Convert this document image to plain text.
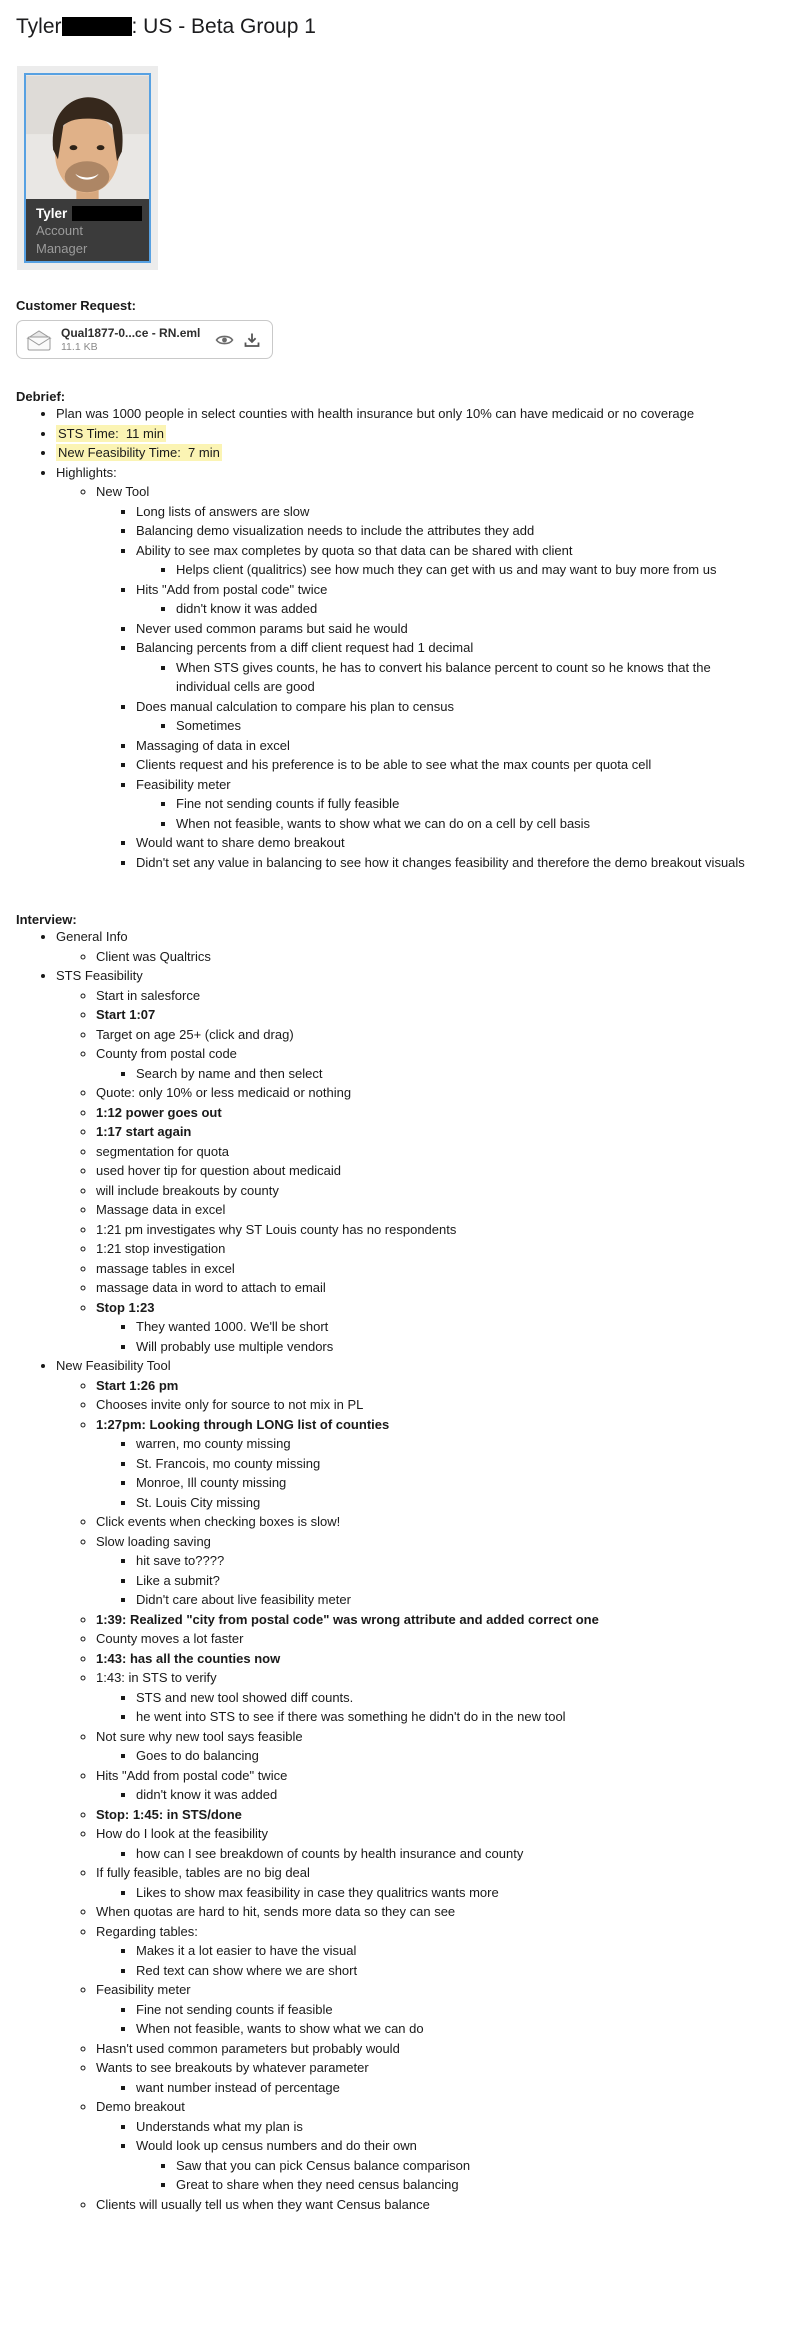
Tyler	: US - Beta Group 1
Tyler
Account
Manager
Customer Request:
Qual1877-0...ce - RN.eml
11.1 KB
Debrief:
• Plan was 1000 people in select counties with health insurance but only 10% can have medicaid or no coverage
• STS Time:  11 min
• New Feasibility Time:  7 min
• Highlights:
◦ New Tool
▪ Long lists of answers are slow
▪ Balancing demo visualization needs to include the attributes they add
▪ Ability to see max completes by quota so that data can be shared with client
▪ Helps client (qualitrics) see how much they can get with us and may want to buy more from us
▪ Hits "Add from postal code" twice
▪ didn't know it was added
▪ Never used common params but said he would
▪ Balancing percents from a diff client request had 1 decimal
▪ When STS gives counts, he has to convert his balance percent to count so he knows that the individual cells are good
▪ Does manual calculation to compare his plan to census
▪ Sometimes
▪ Massaging of data in excel
▪ Clients request and his preference is to be able to see what the max counts per quota cell
▪ Feasibility meter
▪ Fine not sending counts if fully feasible
▪ When not feasible, wants to show what we can do on a cell by cell basis
▪ Would want to share demo breakout
▪ Didn't set any value in balancing to see how it changes feasibility and therefore the demo breakout visuals
Interview:
• General Info
◦ Client was Qualtrics
• STS Feasibility
◦ Start in salesforce
◦ Start 1:07
◦ Target on age 25+ (click and drag)
◦ County from postal code
▪ Search by name and then select
◦ Quote: only 10% or less medicaid or nothing
◦ 1:12 power goes out
◦ 1:17 start again
◦ segmentation for quota
◦ used hover tip for question about medicaid
◦ will include breakouts by county
◦ Massage data in excel
◦ 1:21 pm investigates why ST Louis county has no respondents
◦ 1:21 stop investigation
◦ massage tables in excel
◦ massage data in word to attach to email
◦ Stop 1:23
▪ They wanted 1000. We'll be short
▪ Will probably use multiple vendors
• New Feasibility Tool
◦ Start 1:26 pm
◦ Chooses invite only for source to not mix in PL
◦ 1:27pm: Looking through LONG list of counties
▪ warren, mo county missing
▪ St. Francois, mo county missing
▪ Monroe, Ill county missing
▪ St. Louis City missing
◦ Click events when checking boxes is slow!
◦ Slow loading saving
▪ hit save to????
▪ Like a submit?
▪ Didn't care about live feasibility meter
◦ 1:39: Realized "city from postal code" was wrong attribute and added correct one
◦ County moves a lot faster
◦ 1:43: has all the counties now
◦ 1:43: in STS to verify
▪ STS and new tool showed diff counts.
▪ he went into STS to see if there was something he didn't do in the new tool
◦ Not sure why new tool says feasible
▪ Goes to do balancing
◦ Hits "Add from postal code" twice
▪ didn't know it was added
◦ Stop: 1:45: in STS/done
◦ How do I look at the feasibility
▪ how can I see breakdown of counts by health insurance and county
◦ If fully feasible, tables are no big deal
▪ Likes to show max feasibility in case they qualitrics wants more
◦ When quotas are hard to hit, sends more data so they can see
◦ Regarding tables:
▪ Makes it a lot easier to have the visual
▪ Red text can show where we are short
◦ Feasibility meter
▪ Fine not sending counts if feasible
▪ When not feasible, wants to show what we can do
◦ Hasn't used common parameters but probably would
◦ Wants to see breakouts by whatever parameter
▪ want number instead of percentage
◦ Demo breakout
▪ Understands what my plan is
▪ Would look up census numbers and do their own
▪ Saw that you can pick Census balance comparison
▪ Great to share when they need census balancing
◦ Clients will usually tell us when they want Census balance
